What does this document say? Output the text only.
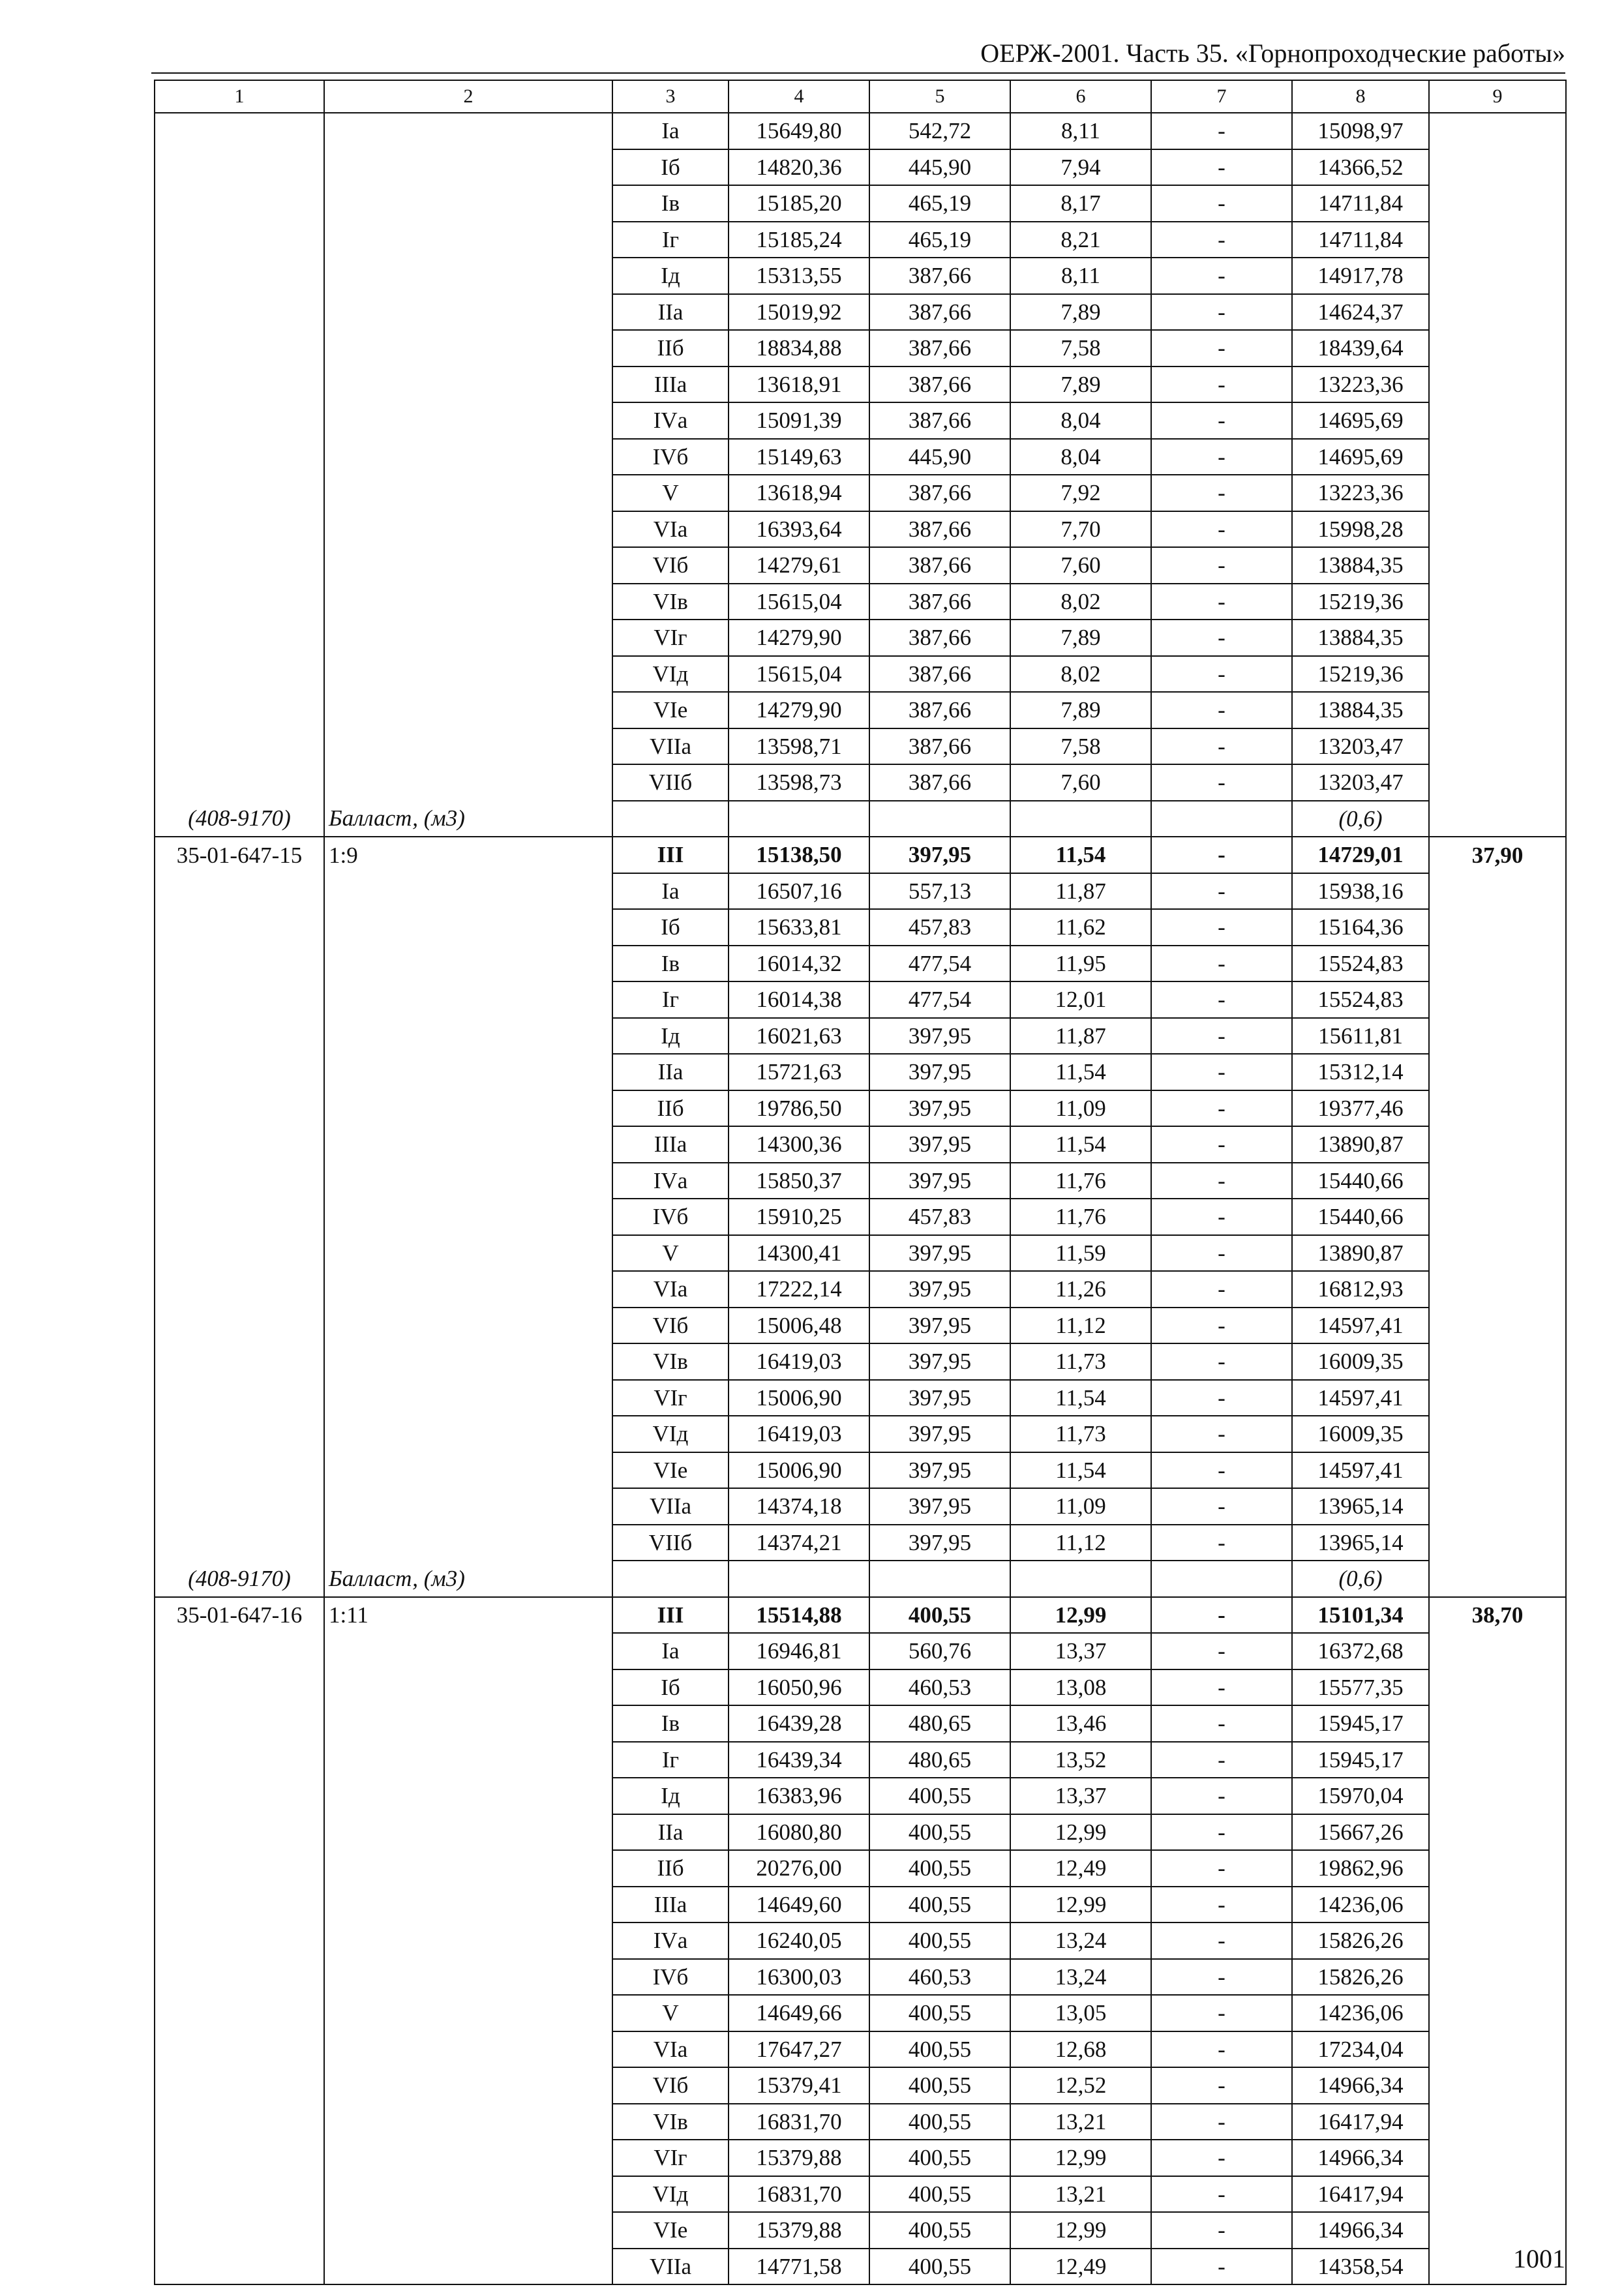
ОЕРЖ-2001. Часть 35. «Горнопроходческие работы»
1	2	3	4	5	6	7	8	9
		Iа	15649,80	542,72	8,11	-	15098,97	
		Iб	14820,36	445,90	7,94	-	14366,52	
		Iв	15185,20	465,19	8,17	-	14711,84	
		Iг	15185,24	465,19	8,21	-	14711,84	
		Iд	15313,55	387,66	8,11	-	14917,78	
		IIа	15019,92	387,66	7,89	-	14624,37	
		IIб	18834,88	387,66	7,58	-	18439,64	
		IIIа	13618,91	387,66	7,89	-	13223,36	
		IVа	15091,39	387,66	8,04	-	14695,69	
		IVб	15149,63	445,90	8,04	-	14695,69	
		V	13618,94	387,66	7,92	-	13223,36	
		VIа	16393,64	387,66	7,70	-	15998,28	
		VIб	14279,61	387,66	7,60	-	13884,35	
		VIв	15615,04	387,66	8,02	-	15219,36	
		VIг	14279,90	387,66	7,89	-	13884,35	
		VIд	15615,04	387,66	8,02	-	15219,36	
		VIе	14279,90	387,66	7,89	-	13884,35	
		VIIа	13598,71	387,66	7,58	-	13203,47	
		VIIб	13598,73	387,66	7,60	-	13203,47	
(408-9170)	Балласт, (м3)						(0,6)	
35-01-647-15	1:9	III	15138,50	397,95	11,54	-	14729,01	37,90
		Iа	16507,16	557,13	11,87	-	15938,16	
		Iб	15633,81	457,83	11,62	-	15164,36	
		Iв	16014,32	477,54	11,95	-	15524,83	
		Iг	16014,38	477,54	12,01	-	15524,83	
		Iд	16021,63	397,95	11,87	-	15611,81	
		IIа	15721,63	397,95	11,54	-	15312,14	
		IIб	19786,50	397,95	11,09	-	19377,46	
		IIIа	14300,36	397,95	11,54	-	13890,87	
		IVа	15850,37	397,95	11,76	-	15440,66	
		IVб	15910,25	457,83	11,76	-	15440,66	
		V	14300,41	397,95	11,59	-	13890,87	
		VIа	17222,14	397,95	11,26	-	16812,93	
		VIб	15006,48	397,95	11,12	-	14597,41	
		VIв	16419,03	397,95	11,73	-	16009,35	
		VIг	15006,90	397,95	11,54	-	14597,41	
		VIд	16419,03	397,95	11,73	-	16009,35	
		VIе	15006,90	397,95	11,54	-	14597,41	
		VIIа	14374,18	397,95	11,09	-	13965,14	
		VIIб	14374,21	397,95	11,12	-	13965,14	
(408-9170)	Балласт, (м3)						(0,6)	
35-01-647-16	1:11	III	15514,88	400,55	12,99	-	15101,34	38,70
		Iа	16946,81	560,76	13,37	-	16372,68	
		Iб	16050,96	460,53	13,08	-	15577,35	
		Iв	16439,28	480,65	13,46	-	15945,17	
		Iг	16439,34	480,65	13,52	-	15945,17	
		Iд	16383,96	400,55	13,37	-	15970,04	
		IIа	16080,80	400,55	12,99	-	15667,26	
		IIб	20276,00	400,55	12,49	-	19862,96	
		IIIа	14649,60	400,55	12,99	-	14236,06	
		IVа	16240,05	400,55	13,24	-	15826,26	
		IVб	16300,03	460,53	13,24	-	15826,26	
		V	14649,66	400,55	13,05	-	14236,06	
		VIа	17647,27	400,55	12,68	-	17234,04	
		VIб	15379,41	400,55	12,52	-	14966,34	
		VIв	16831,70	400,55	13,21	-	16417,94	
		VIг	15379,88	400,55	12,99	-	14966,34	
		VIд	16831,70	400,55	13,21	-	16417,94	
		VIе	15379,88	400,55	12,99	-	14966,34	
		VIIа	14771,58	400,55	12,49	-	14358,54		1001
